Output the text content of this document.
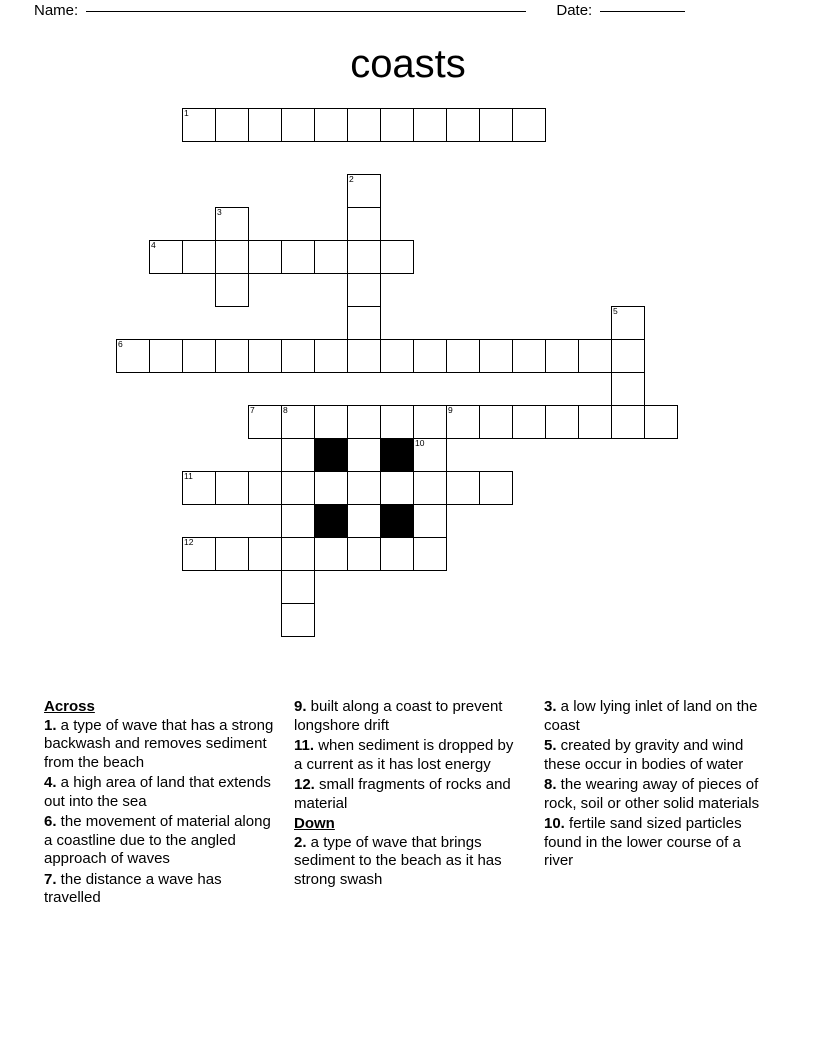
Name:	Date:
coasts
1
2
3
4
5
6
7	8	9
10
11
12
Across

1. a type of wave that has a strong backwash and removes sediment from the beach

4. a high area of land that extends out into the sea

6. the movement of material along a coastline due to the angled approach of waves

7. the distance a wave has travelled

9. built along a coast to prevent longshore drift

11. when sediment is dropped by a current as it has lost energy

12. small fragments of rocks and material

Down

2. a type of wave that brings sediment to the beach as it has strong swash

3. a low lying inlet of land on the coast

5. created by gravity and wind these occur in bodies of water

8. the wearing away of pieces of rock, soil or other solid materials

10. fertile sand sized particles found in the lower course of a river
